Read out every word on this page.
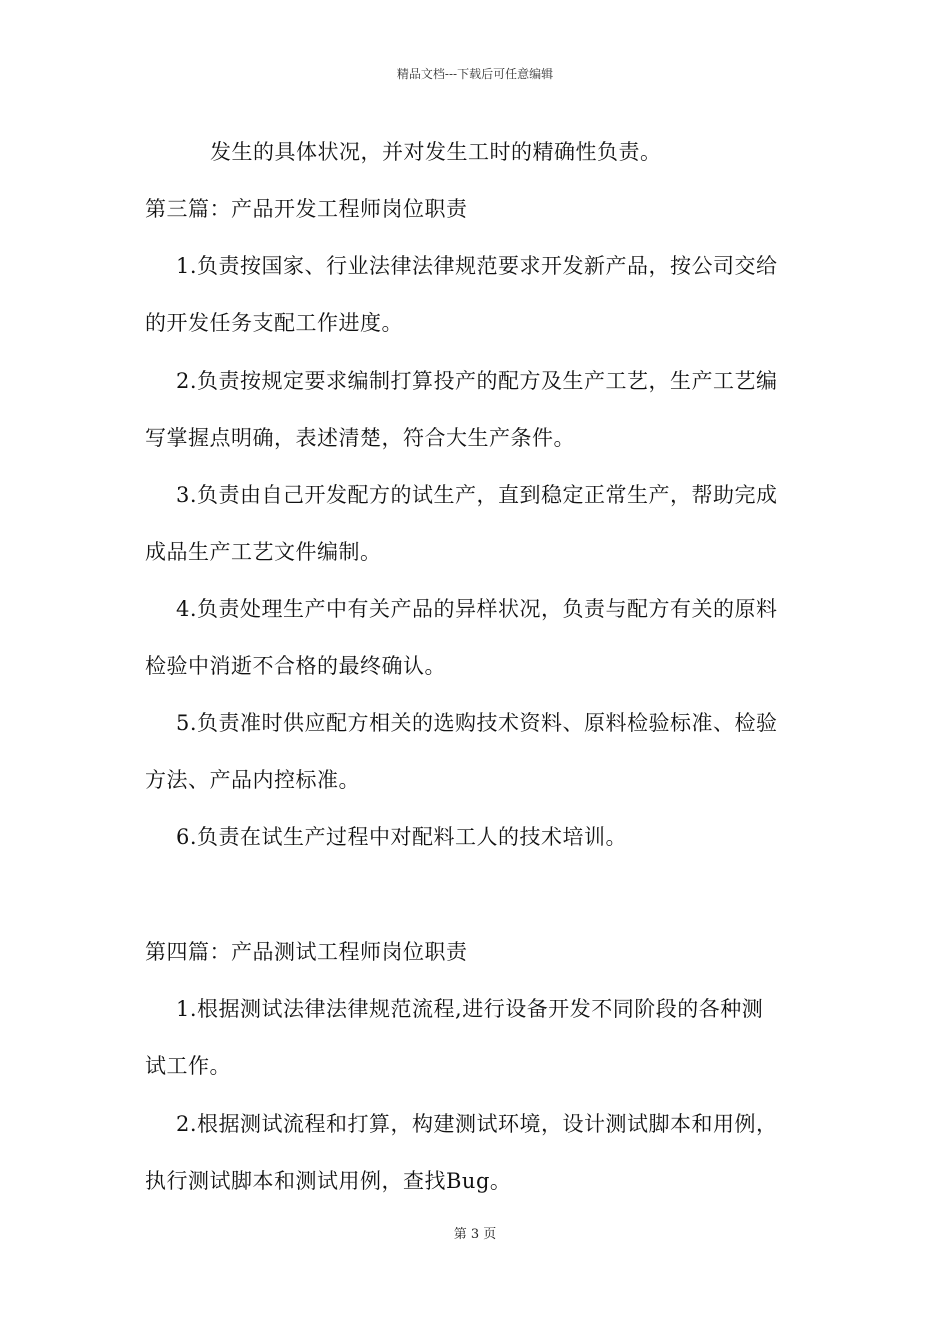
精品文档---下载后可任意编辑
发生的具体状况，并对发生工时的精确性负责。
第三篇：产品开发工程师岗位职责
1.负责按国家、行业法律法律规范要求开发新产品，按公司交给
的开发任务支配工作进度。
2.负责按规定要求编制打算投产的配方及生产工艺，生产工艺编
写掌握点明确，表述清楚，符合大生产条件。
3.负责由自己开发配方的试生产，直到稳定正常生产，帮助完成
成品生产工艺文件编制。
4.负责处理生产中有关产品的异样状况，负责与配方有关的原料
检验中消逝不合格的最终确认。
5.负责准时供应配方相关的选购技术资料、原料检验标准、检验
方法、产品内控标准。
6.负责在试生产过程中对配料工人的技术培训。
第四篇：产品测试工程师岗位职责
1.根据测试法律法律规范流程,进行设备开发不同阶段的各种测
试工作。
2.根据测试流程和打算，构建测试环境，设计测试脚本和用例，
执行测试脚本和测试用例，查找Bug。
第 3 页
